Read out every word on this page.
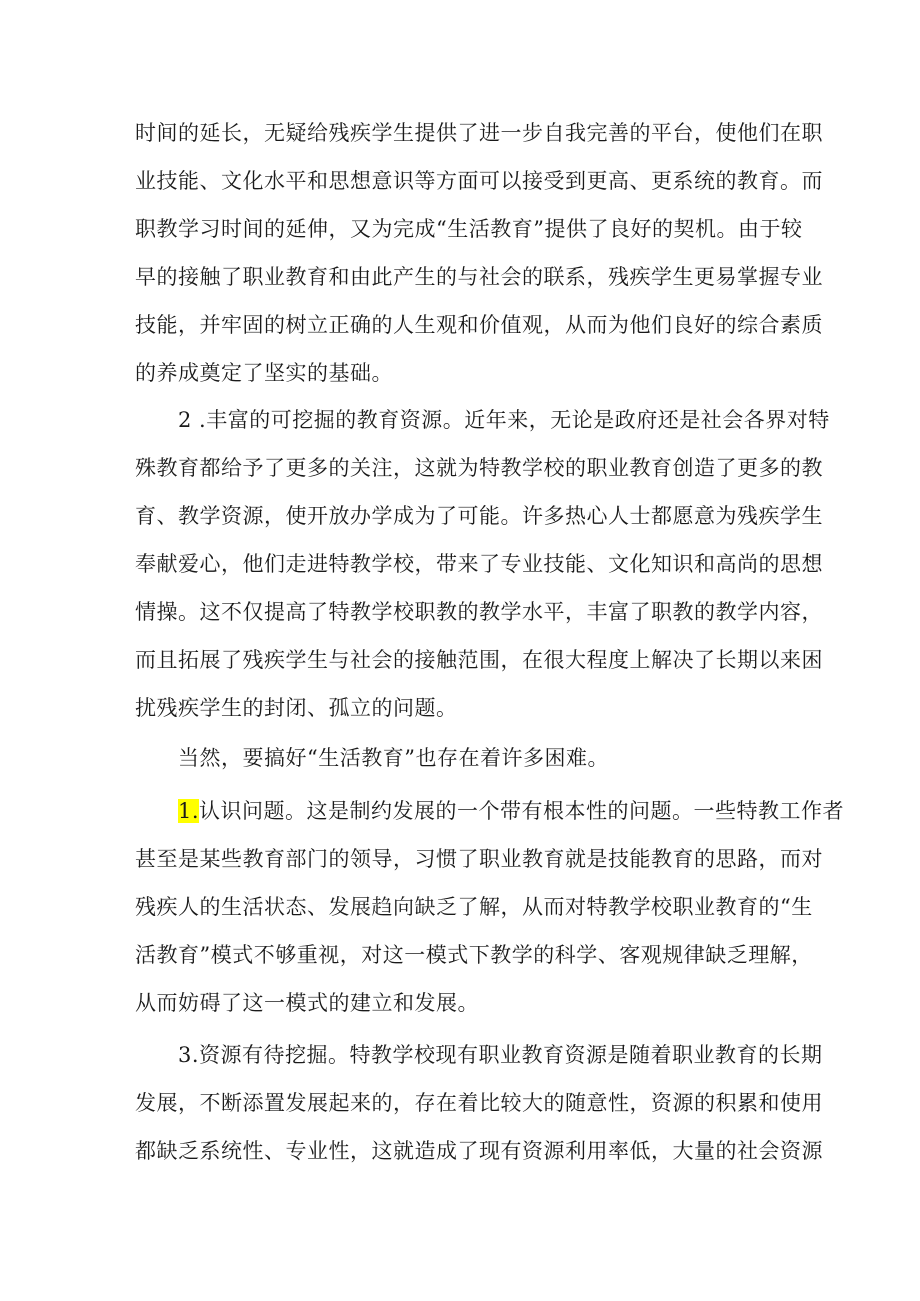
时间的延长，无疑给残疾学生提供了进一步自我完善的平台，使他们在职
业技能、文化水平和思想意识等方面可以接受到更高、更系统的教育。而
职教学习时间的延伸，又为完成“生活教育”提供了良好的契机。由于较
早的接触了职业教育和由此产生的与社会的联系，残疾学生更易掌握专业
技能，并牢固的树立正确的人生观和价值观，从而为他们良好的综合素质
的养成奠定了坚实的基础。
2 .丰富的可挖掘的教育资源。近年来，无论是政府还是社会各界对特
殊教育都给予了更多的关注，这就为特教学校的职业教育创造了更多的教
育、教学资源，使开放办学成为了可能。许多热心人士都愿意为残疾学生
奉献爱心，他们走进特教学校，带来了专业技能、文化知识和高尚的思想
情操。这不仅提高了特教学校职教的教学水平，丰富了职教的教学内容，
而且拓展了残疾学生与社会的接触范围，在很大程度上解决了长期以来困
扰残疾学生的封闭、孤立的问题。
当然，要搞好“生活教育”也存在着许多困难。
1.认识问题。这是制约发展的一个带有根本性的问题。一些特教工作者
甚至是某些教育部门的领导，习惯了职业教育就是技能教育的思路，而对
残疾人的生活状态、发展趋向缺乏了解，从而对特教学校职业教育的“生
活教育”模式不够重视，对这一模式下教学的科学、客观规律缺乏理解，
从而妨碍了这一模式的建立和发展。
3.资源有待挖掘。特教学校现有职业教育资源是随着职业教育的长期
发展，不断添置发展起来的，存在着比较大的随意性，资源的积累和使用
都缺乏系统性、专业性，这就造成了现有资源利用率低，大量的社会资源
